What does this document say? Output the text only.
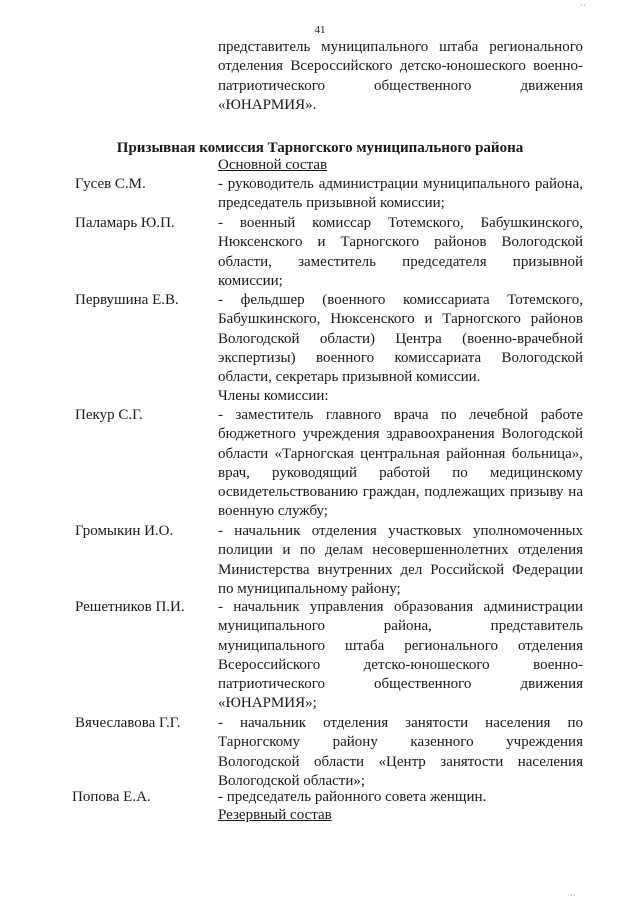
ˌˌ
41
представитель муниципального штаба регионального
отделения Всероссийского детско-юношеского военно-
патриотического общественного движения
«ЮНАРМИЯ».
Призывная комиссия Тарногского муниципального района
Основной состав
Гусев С.М.	- руководитель администрации муниципального района,
председатель призывной комиссии;
Паламарь Ю.П.	- военный комиссар Тотемского, Бабушкинского,
Нюксенского и Тарногского районов Вологодской
области, заместитель председателя призывной
комиссии;
Первушина Е.В.	- фельдшер (военного комиссариата Тотемского,
Бабушкинского, Нюксенского и Тарногского районов
Вологодской области) Центра (военно-врачебной
экспертизы) военного комиссариата Вологодской
области, секретарь призывной комиссии.
Члены комиссии:
Пекур С.Г.	- заместитель главного врача по лечебной работе
бюджетного учреждения здравоохранения Вологодской
области «Тарногская центральная районная больница»,
врач, руководящий работой по медицинскому
освидетельствованию граждан, подлежащих призыву на
военную службу;
Громыкин И.О.	- начальник отделения участковых уполномоченных
полиции и по делам несовершеннолетних отделения
Министерства внутренних дел Российской Федерации
по муниципальному району;
Решетников П.И. - начальник управления образования администрации
муниципального района, представитель
муниципального штаба регионального отделения
Всероссийского детско-юношеского военно-
патриотического общественного движения
«ЮНАРМИЯ»;
Вячеславова Г.Г. - начальник отделения занятости населения по
Тарногскому району казенного учреждения
Вологодской области «Центр занятости населения
Вологодской области»;
Попова Е.А.	- председатель районного совета женщин.
Резервный состав
ˌˌ
